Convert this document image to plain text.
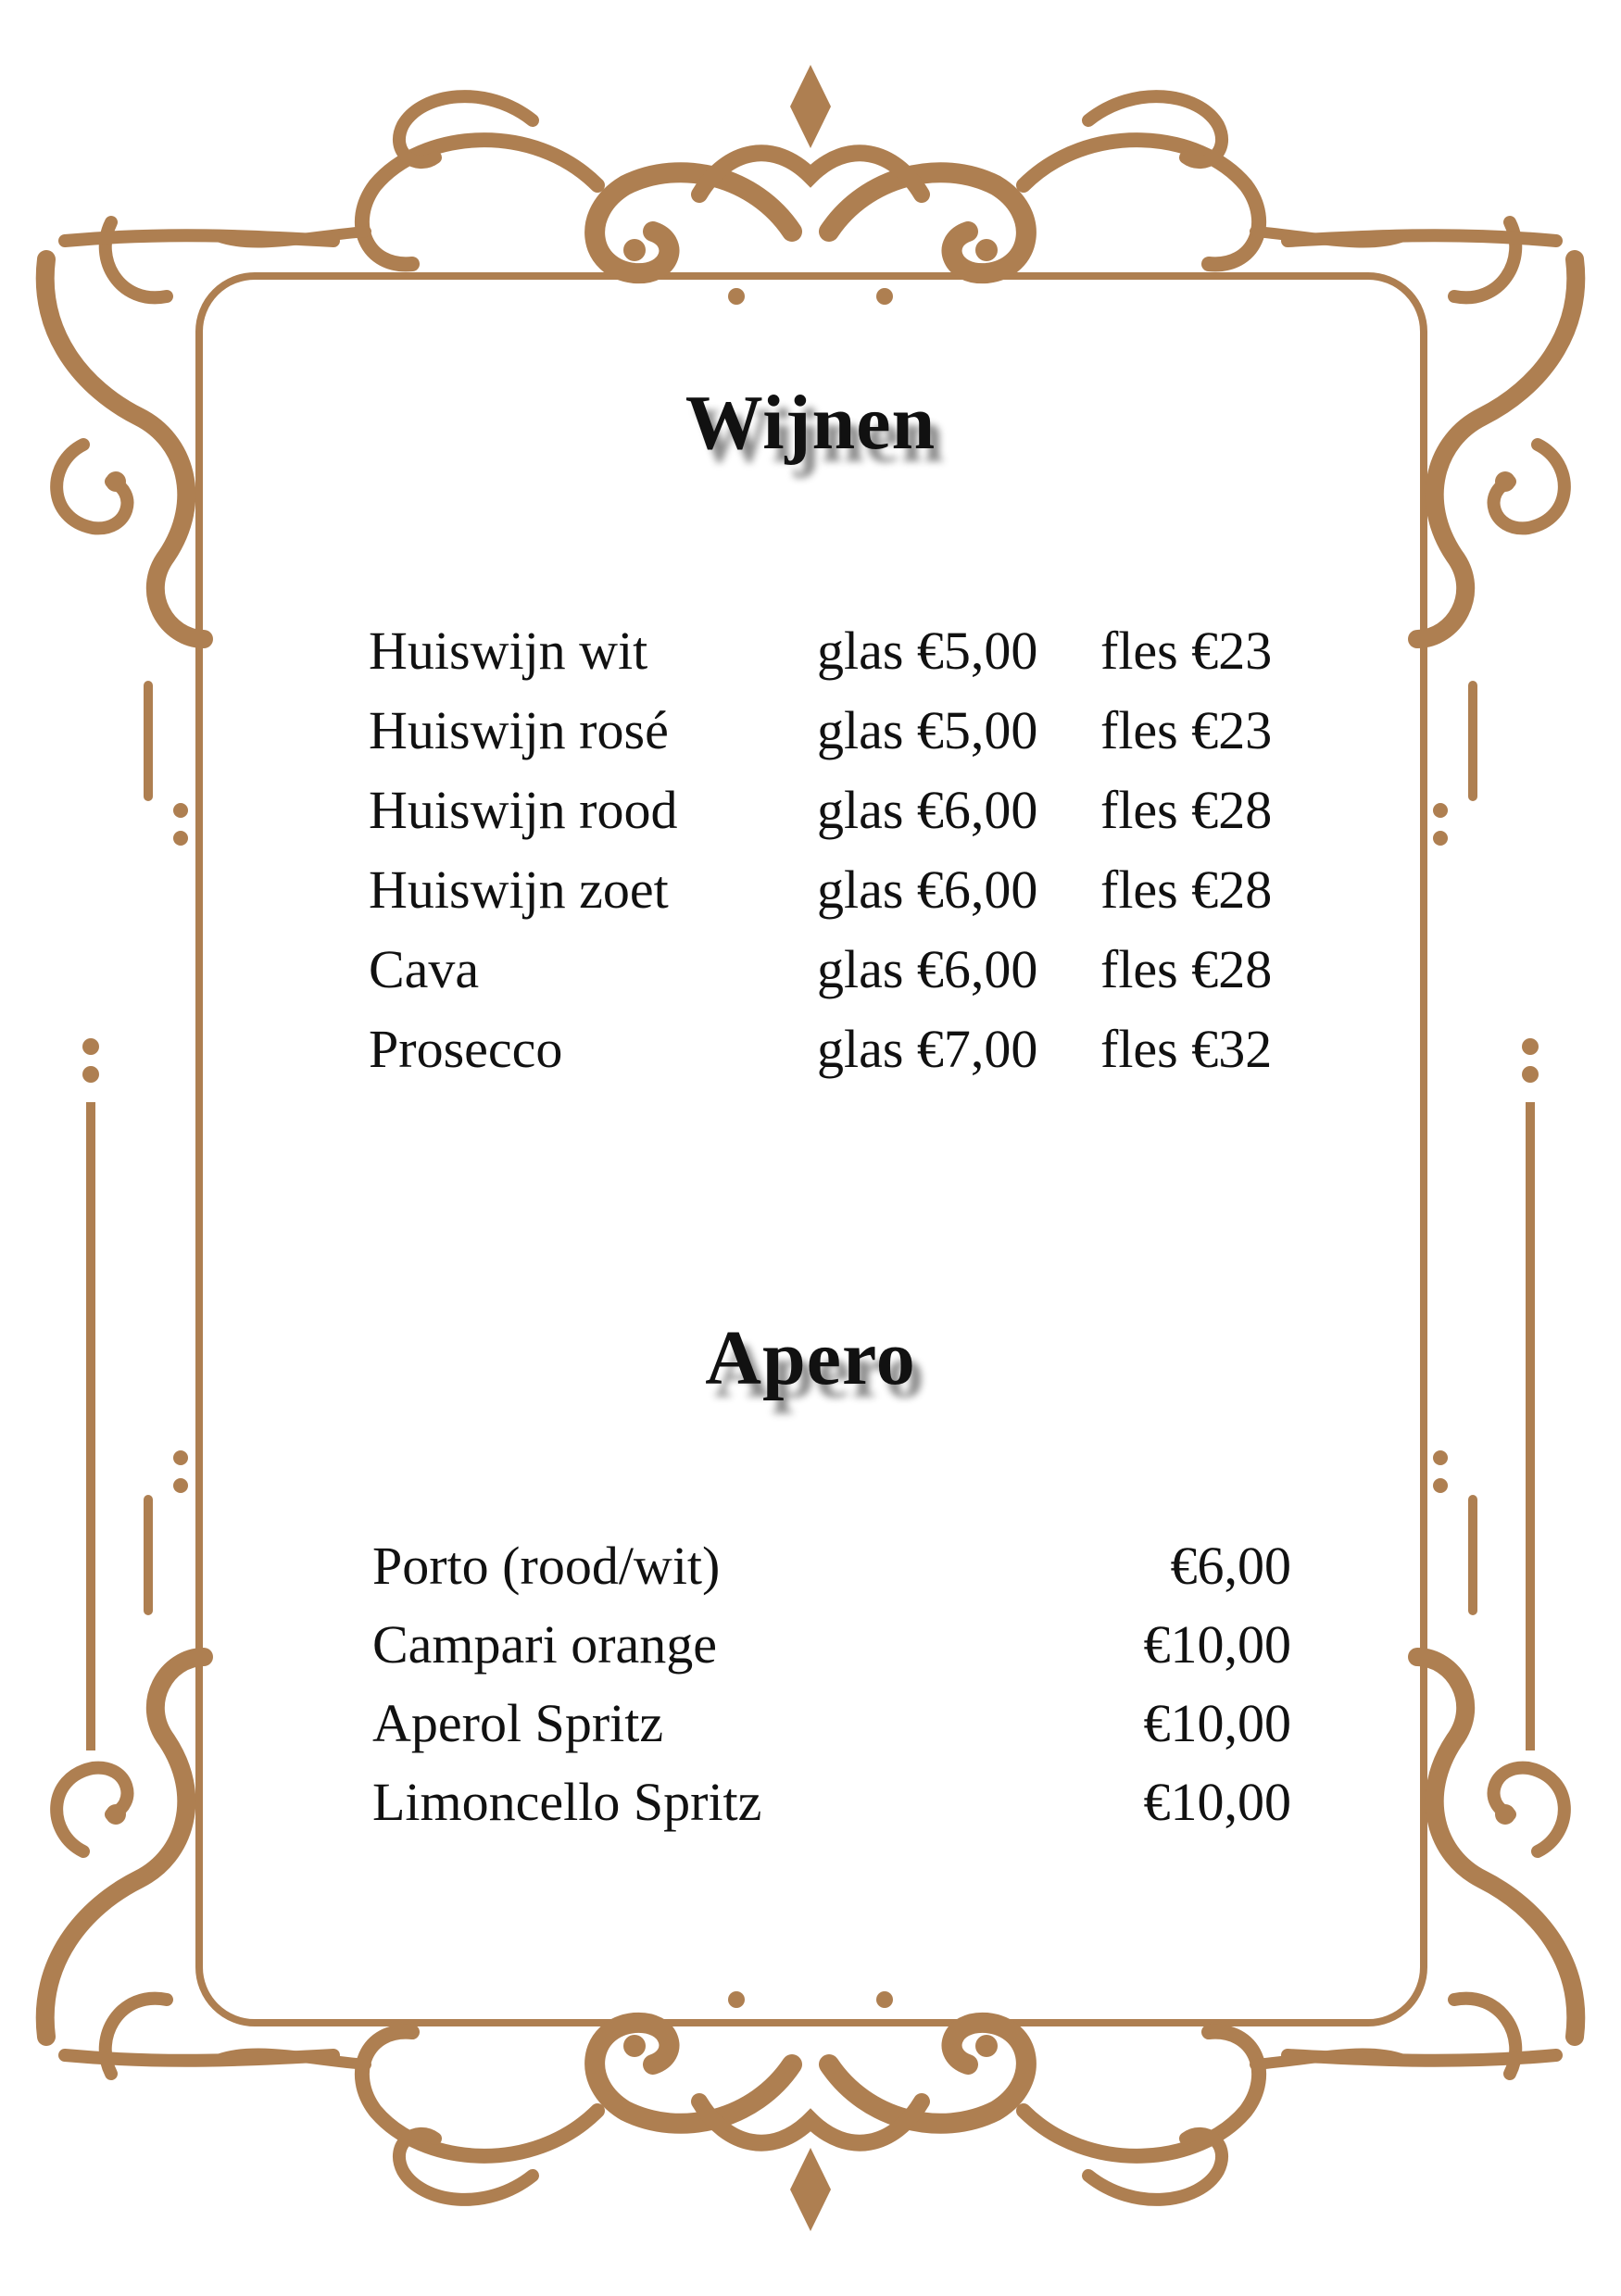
Wijnen
Huiswijn wit	glas €5,00 fles €23
Huiswijn rosé	glas €5,00 fles €23
Huiswijn rood	glas €6,00 fles €28
Huiswijn zoet	glas €6,00 fles €28
Cava	glas €6,00 fles €28
Prosecco	glas €7,00 fles €32
Apero
Porto (rood/wit)	€6,00
Campari orange	€10,00
Aperol Spritz	€10,00
Limoncello Spritz	€10,00
